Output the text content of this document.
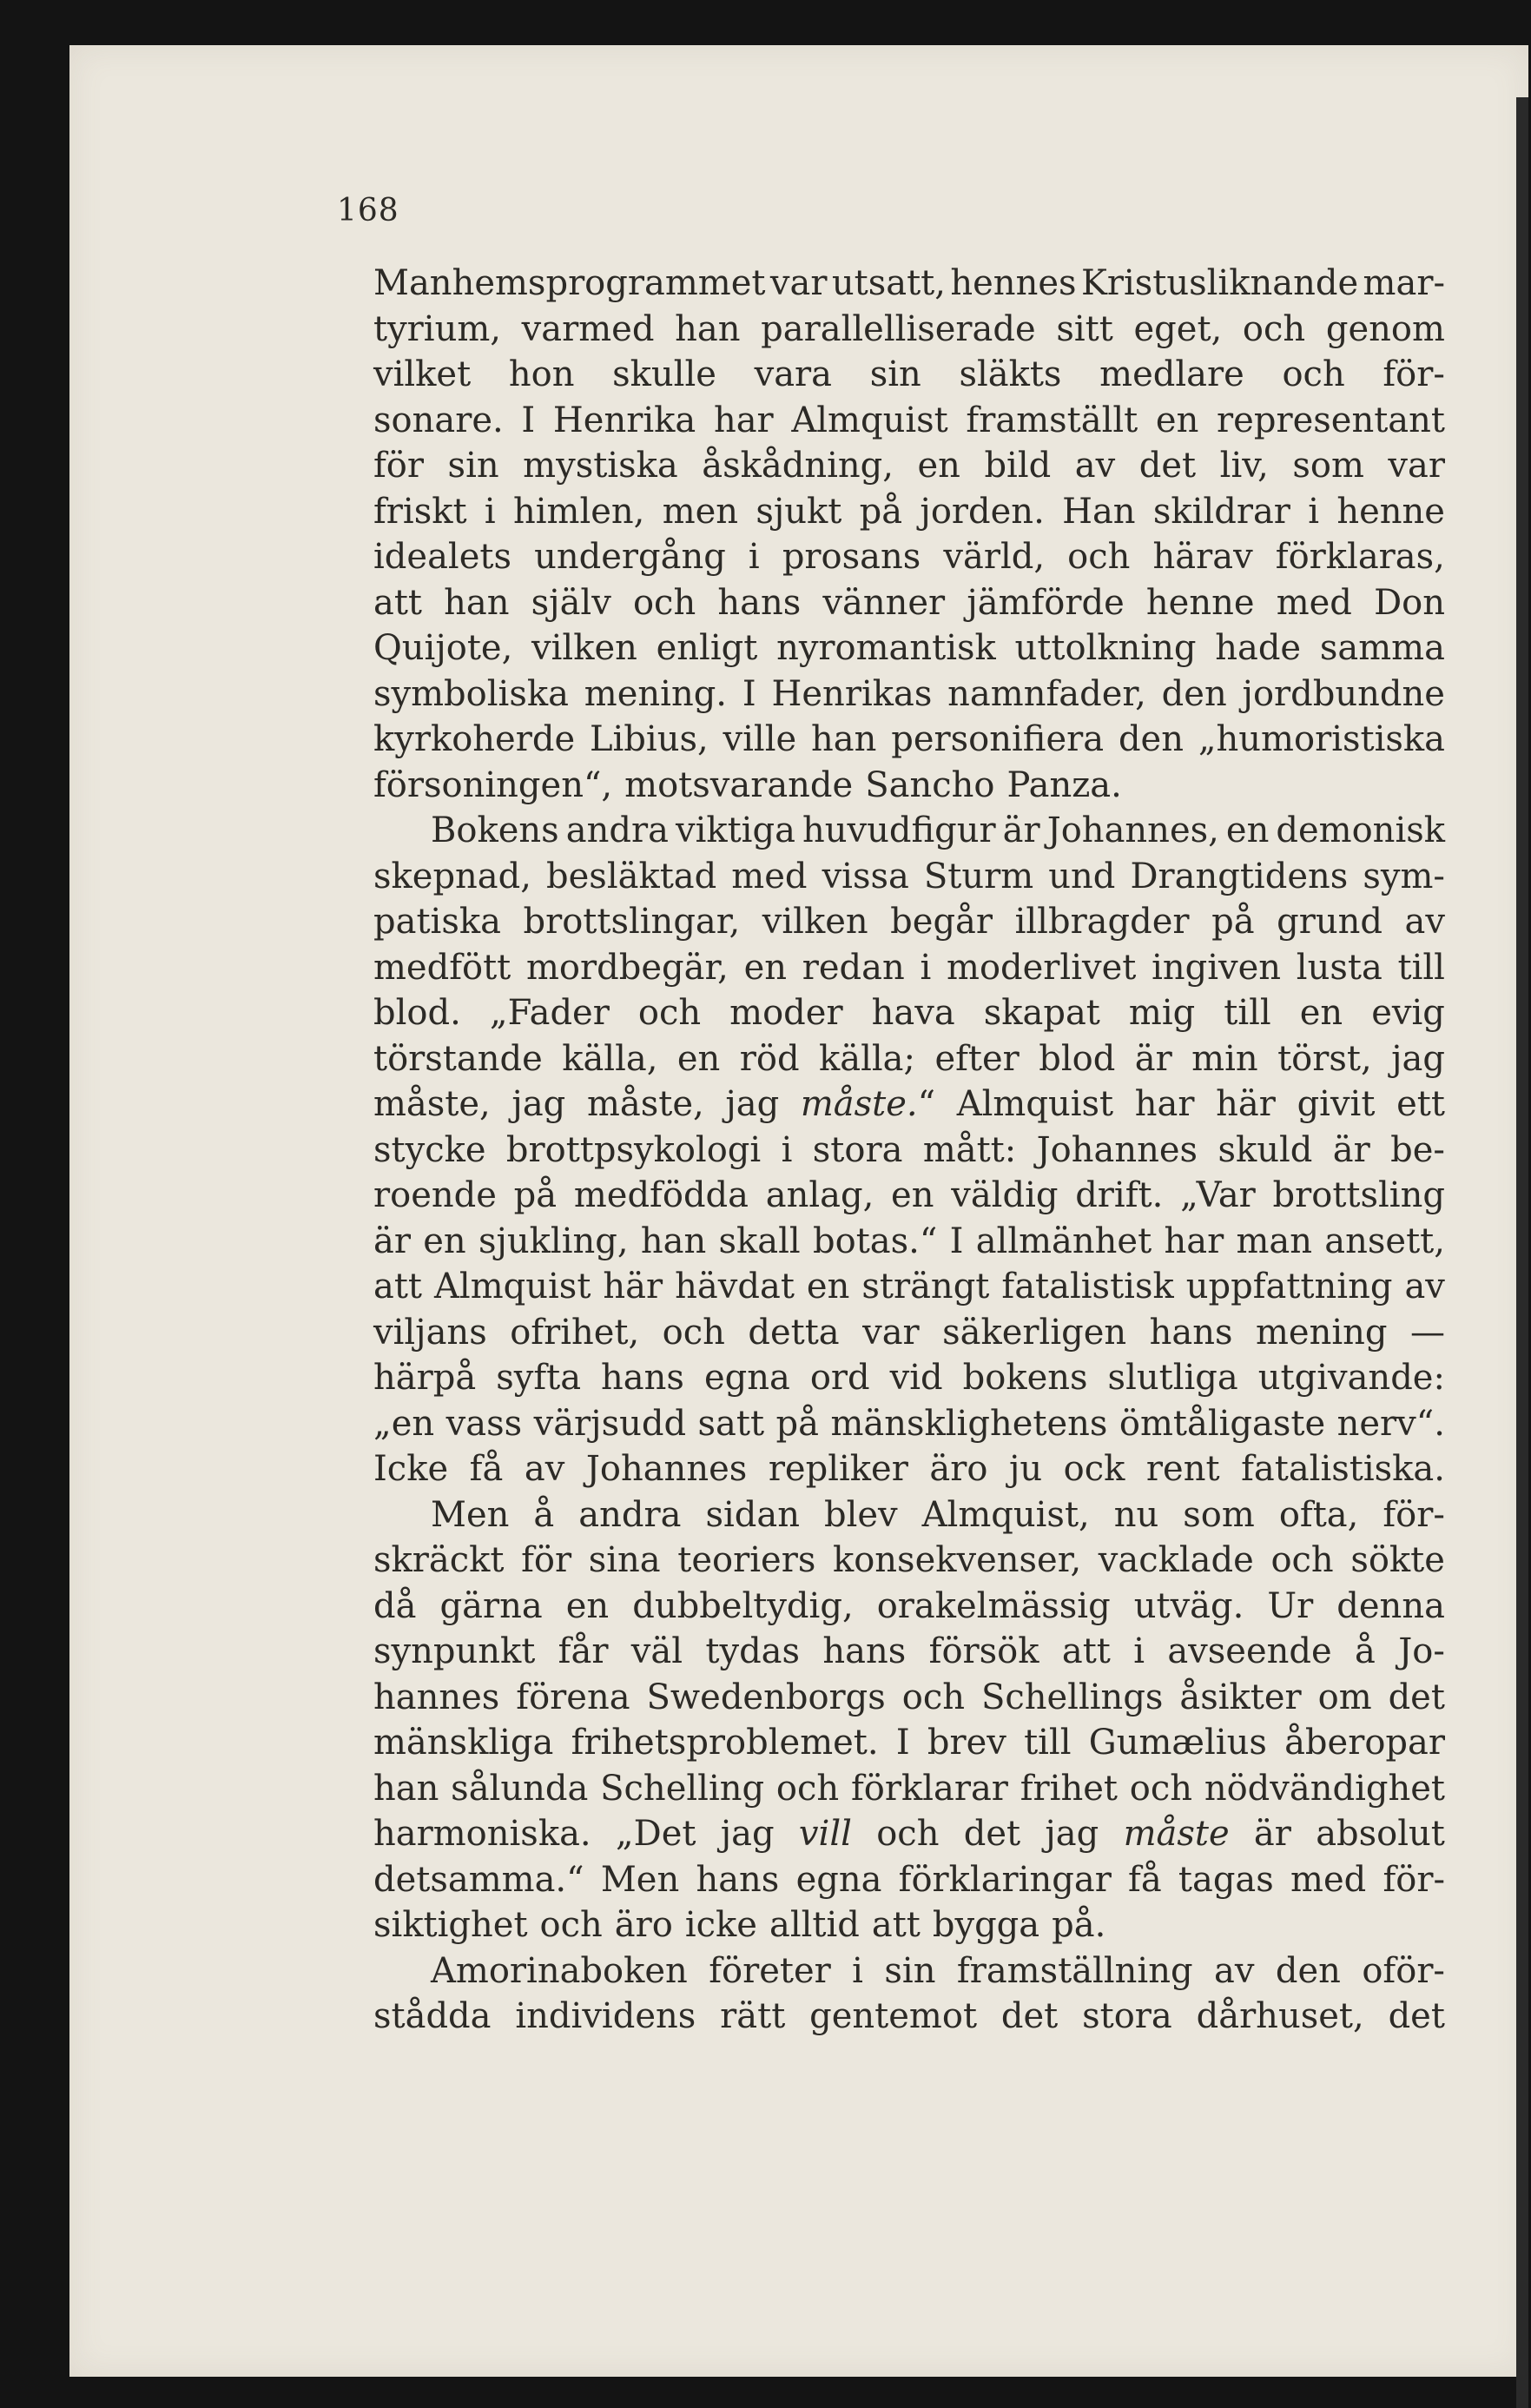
168
Manhemsprogrammet var utsatt, hennes Kristusliknande mar-
tyrium, varmed han parallelliserade sitt eget, och genom
vilket hon skulle vara sin släkts medlare och för-
sonare. I Henrika har Almquist framställt en representant
för sin mystiska åskådning, en bild av det liv, som var
friskt i himlen, men sjukt på jorden. Han skildrar i henne
idealets undergång i prosans värld, och härav förklaras,
att han själv och hans vänner jämförde henne med Don
Quijote, vilken enligt nyromantisk uttolkning hade samma
symboliska mening. I Henrikas namnfader, den jordbundne
kyrkoherde Libius, ville han personifiera den „humoristiska
försoningen“, motsvarande Sancho Panza.
Bokens andra viktiga huvudfigur är Johannes, en demonisk
skepnad, besläktad med vissa Sturm und Drangtidens sym-
patiska brottslingar, vilken begår illbragder på grund av
medfött mordbegär, en redan i moderlivet ingiven lusta till
blod. „Fader och moder hava skapat mig till en evig
törstande källa, en röd källa; efter blod är min törst, jag
måste, jag måste, jag måste.“ Almquist har här givit ett
stycke brottpsykologi i stora mått: Johannes skuld är be-
roende på medfödda anlag, en väldig drift. „Var brottsling
är en sjukling, han skall botas.“ I allmänhet har man ansett,
att Almquist här hävdat en strängt fatalistisk uppfattning av
viljans ofrihet, och detta var säkerligen hans mening —
härpå syfta hans egna ord vid bokens slutliga utgivande:
„en vass värjsudd satt på mänsklighetens ömtåligaste nerv“.
Icke få av Johannes repliker äro ju ock rent fatalistiska.
Men å andra sidan blev Almquist, nu som ofta, för-
skräckt för sina teoriers konsekvenser, vacklade och sökte
då gärna en dubbeltydig, orakelmässig utväg. Ur denna
synpunkt får väl tydas hans försök att i avseende å Jo-
hannes förena Swedenborgs och Schellings åsikter om det
mänskliga frihetsproblemet. I brev till Gumælius åberopar
han sålunda Schelling och förklarar frihet och nödvändighet
harmoniska. „Det jag vill och det jag måste är absolut
detsamma.“ Men hans egna förklaringar få tagas med för-
siktighet och äro icke alltid att bygga på.
Amorinaboken företer i sin framställning av den oför-
stådda individens rätt gentemot det stora dårhuset, det
